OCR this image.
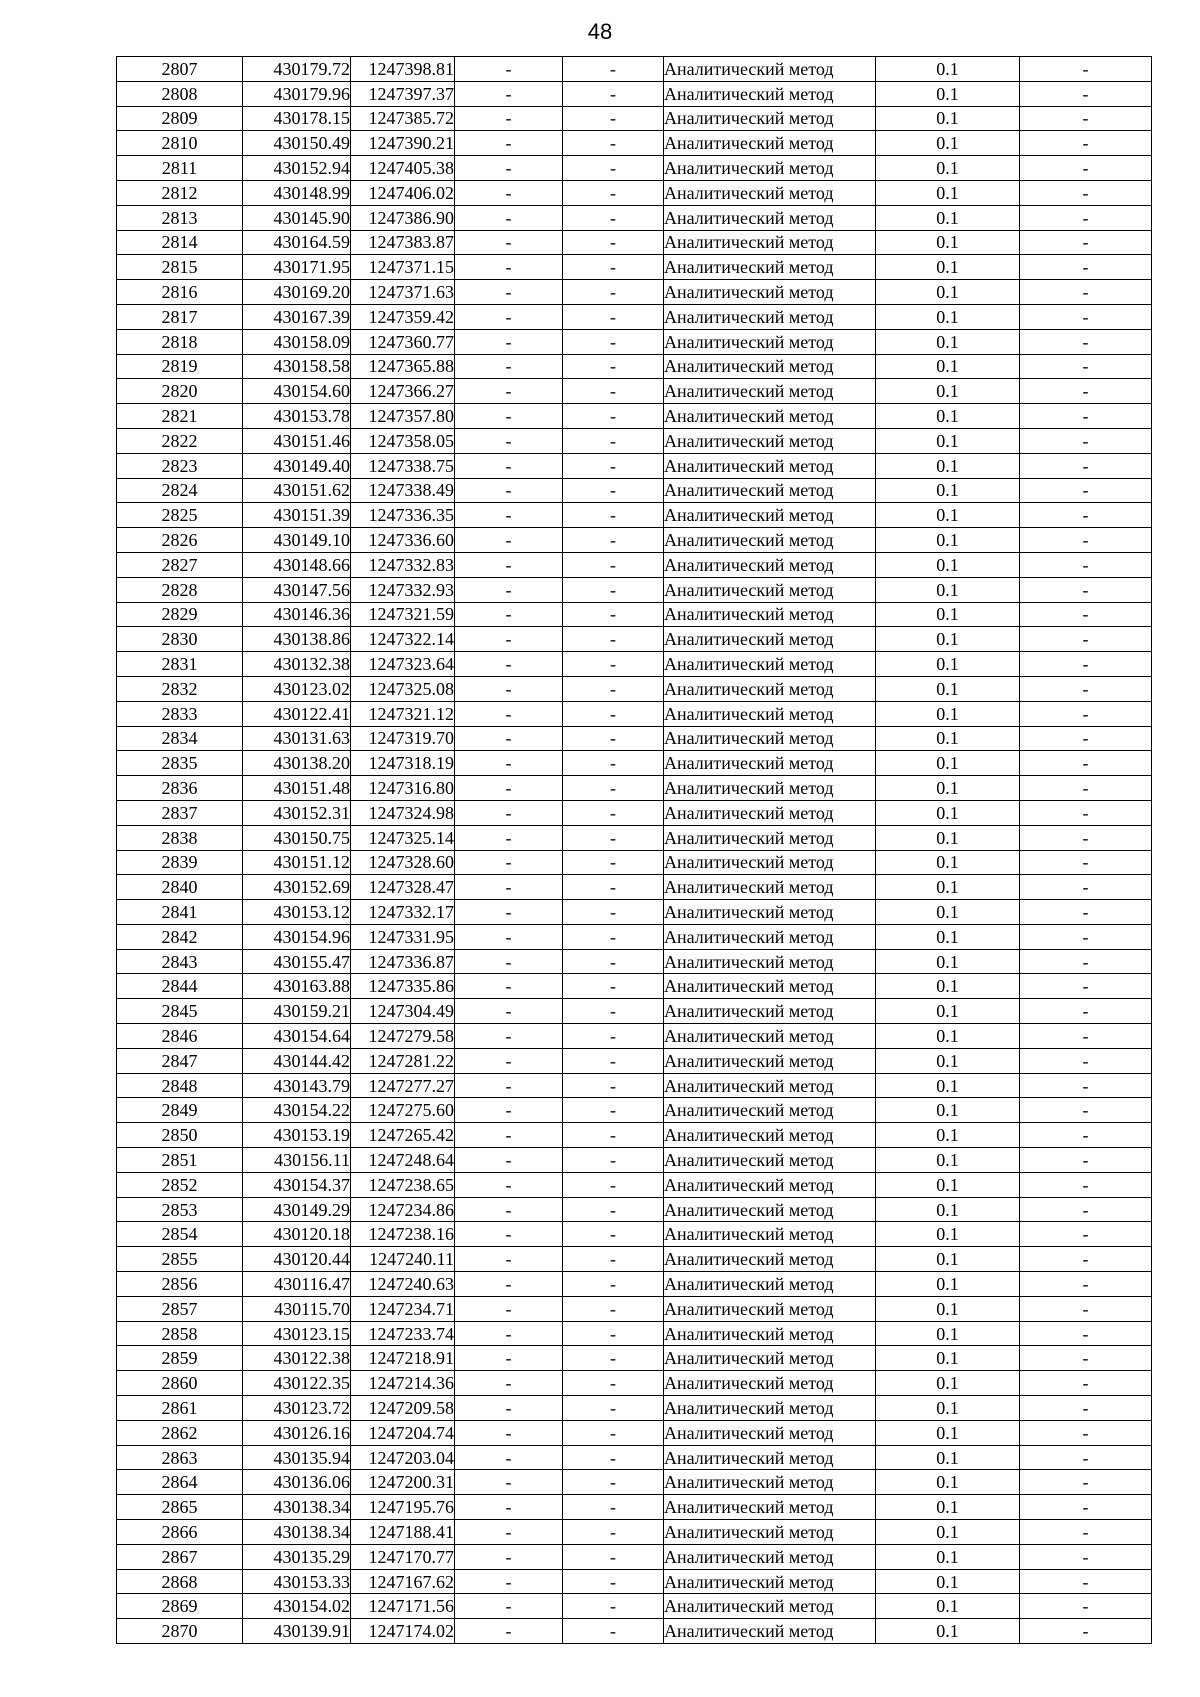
48
2807	430179.72	1247398.81	-	-	Аналитический метод	0.1	-
2808	430179.96	1247397.37	-	-	Аналитический метод	0.1	-
2809	430178.15	1247385.72	-	-	Аналитический метод	0.1	-
2810	430150.49	1247390.21	-	-	Аналитический метод	0.1	-
2811	430152.94	1247405.38	-	-	Аналитический метод	0.1	-
2812	430148.99	1247406.02	-	-	Аналитический метод	0.1	-
2813	430145.90	1247386.90	-	-	Аналитический метод	0.1	-
2814	430164.59	1247383.87	-	-	Аналитический метод	0.1	-
2815	430171.95	1247371.15	-	-	Аналитический метод	0.1	-
2816	430169.20	1247371.63	-	-	Аналитический метод	0.1	-
2817	430167.39	1247359.42	-	-	Аналитический метод	0.1	-
2818	430158.09	1247360.77	-	-	Аналитический метод	0.1	-
2819	430158.58	1247365.88	-	-	Аналитический метод	0.1	-
2820	430154.60	1247366.27	-	-	Аналитический метод	0.1	-
2821	430153.78	1247357.80	-	-	Аналитический метод	0.1	-
2822	430151.46	1247358.05	-	-	Аналитический метод	0.1	-
2823	430149.40	1247338.75	-	-	Аналитический метод	0.1	-
2824	430151.62	1247338.49	-	-	Аналитический метод	0.1	-
2825	430151.39	1247336.35	-	-	Аналитический метод	0.1	-
2826	430149.10	1247336.60	-	-	Аналитический метод	0.1	-
2827	430148.66	1247332.83	-	-	Аналитический метод	0.1	-
2828	430147.56	1247332.93	-	-	Аналитический метод	0.1	-
2829	430146.36	1247321.59	-	-	Аналитический метод	0.1	-
2830	430138.86	1247322.14	-	-	Аналитический метод	0.1	-
2831	430132.38	1247323.64	-	-	Аналитический метод	0.1	-
2832	430123.02	1247325.08	-	-	Аналитический метод	0.1	-
2833	430122.41	1247321.12	-	-	Аналитический метод	0.1	-
2834	430131.63	1247319.70	-	-	Аналитический метод	0.1	-
2835	430138.20	1247318.19	-	-	Аналитический метод	0.1	-
2836	430151.48	1247316.80	-	-	Аналитический метод	0.1	-
2837	430152.31	1247324.98	-	-	Аналитический метод	0.1	-
2838	430150.75	1247325.14	-	-	Аналитический метод	0.1	-
2839	430151.12	1247328.60	-	-	Аналитический метод	0.1	-
2840	430152.69	1247328.47	-	-	Аналитический метод	0.1	-
2841	430153.12	1247332.17	-	-	Аналитический метод	0.1	-
2842	430154.96	1247331.95	-	-	Аналитический метод	0.1	-
2843	430155.47	1247336.87	-	-	Аналитический метод	0.1	-
2844	430163.88	1247335.86	-	-	Аналитический метод	0.1	-
2845	430159.21	1247304.49	-	-	Аналитический метод	0.1	-
2846	430154.64	1247279.58	-	-	Аналитический метод	0.1	-
2847	430144.42	1247281.22	-	-	Аналитический метод	0.1	-
2848	430143.79	1247277.27	-	-	Аналитический метод	0.1	-
2849	430154.22	1247275.60	-	-	Аналитический метод	0.1	-
2850	430153.19	1247265.42	-	-	Аналитический метод	0.1	-
2851	430156.11	1247248.64	-	-	Аналитический метод	0.1	-
2852	430154.37	1247238.65	-	-	Аналитический метод	0.1	-
2853	430149.29	1247234.86	-	-	Аналитический метод	0.1	-
2854	430120.18	1247238.16	-	-	Аналитический метод	0.1	-
2855	430120.44	1247240.11	-	-	Аналитический метод	0.1	-
2856	430116.47	1247240.63	-	-	Аналитический метод	0.1	-
2857	430115.70	1247234.71	-	-	Аналитический метод	0.1	-
2858	430123.15	1247233.74	-	-	Аналитический метод	0.1	-
2859	430122.38	1247218.91	-	-	Аналитический метод	0.1	-
2860	430122.35	1247214.36	-	-	Аналитический метод	0.1	-
2861	430123.72	1247209.58	-	-	Аналитический метод	0.1	-
2862	430126.16	1247204.74	-	-	Аналитический метод	0.1	-
2863	430135.94	1247203.04	-	-	Аналитический метод	0.1	-
2864	430136.06	1247200.31	-	-	Аналитический метод	0.1	-
2865	430138.34	1247195.76	-	-	Аналитический метод	0.1	-
2866	430138.34	1247188.41	-	-	Аналитический метод	0.1	-
2867	430135.29	1247170.77	-	-	Аналитический метод	0.1	-
2868	430153.33	1247167.62	-	-	Аналитический метод	0.1	-
2869	430154.02	1247171.56	-	-	Аналитический метод	0.1	-
2870	430139.91	1247174.02	-	-	Аналитический метод	0.1	-
